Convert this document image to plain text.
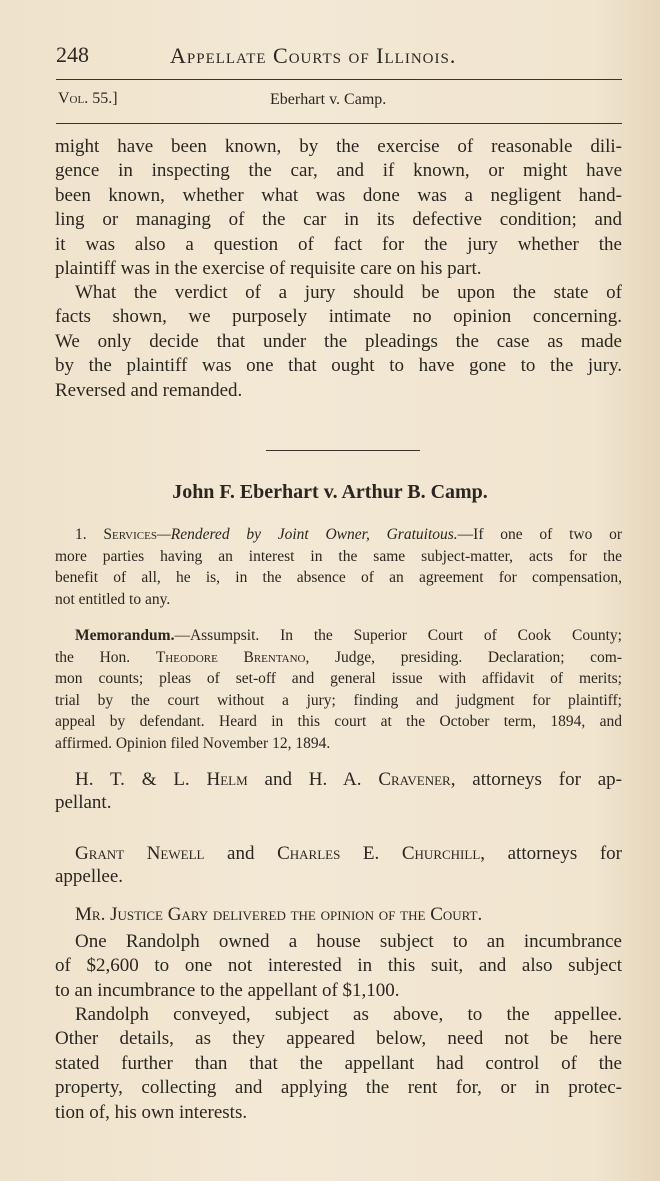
248	Appellate Courts of Illinois.
Vol. 55.]	Eberhart v. Camp.
might have been known, by the exercise of reasonable dili-
gence in inspecting the car, and if known, or might have
been known, whether what was done was a negligent hand-
ling or managing of the car in its defective condition; and
it was also a question of fact for the jury whether the
plaintiff was in the exercise of requisite care on his part.
What the verdict of a jury should be upon the state of
facts shown, we purposely intimate no opinion concerning.
We only decide that under the pleadings the case as made
by the plaintiff was one that ought to have gone to the jury.
Reversed and remanded.
John F. Eberhart v. Arthur B. Camp.
1. Services—Rendered by Joint Owner, Gratuitous.—If one of two or
more parties having an interest in the same subject-matter, acts for the
benefit of all, he is, in the absence of an agreement for compensation,
not entitled to any.
Memorandum.—Assumpsit. In the Superior Court of Cook County;
the Hon. Theodore Brentano, Judge, presiding. Declaration; com-
mon counts; pleas of set-off and general issue with affidavit of merits;
trial by the court without a jury; finding and judgment for plaintiff;
appeal by defendant. Heard in this court at the October term, 1894, and
affirmed. Opinion filed November 12, 1894.
H. T. & L. Helm and H. A. Cravener, attorneys for ap-
pellant.
Grant Newell and Charles E. Churchill, attorneys for
appellee.
Mr. Justice Gary delivered the opinion of the Court.
One Randolph owned a house subject to an incumbrance
of $2,600 to one not interested in this suit, and also subject
to an incumbrance to the appellant of $1,100.
Randolph conveyed, subject as above, to the appellee.
Other details, as they appeared below, need not be here
stated further than that the appellant had control of the
property, collecting and applying the rent for, or in protec-
tion of, his own interests.
